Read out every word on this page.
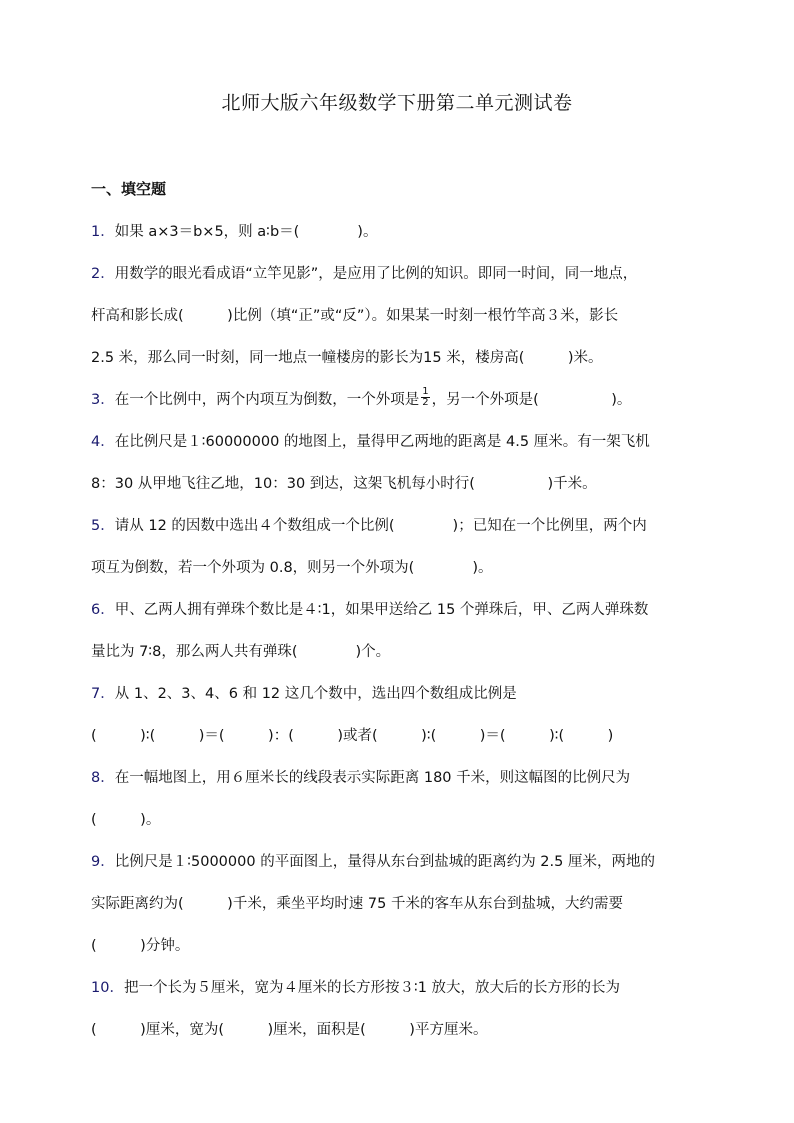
北师大版六年级数学下册第二单元测试卷
一、填空题
1．如果 a×3＝b×5，则 a∶b＝(　　　　)。
2．用数学的眼光看成语“立竿见影”，是应用了比例的知识。即同一时间，同一地点，
杆高和影长成(　　　)比例（填“正”或“反”）。如果某一时刻一根竹竿高３米，影长
2.5 米，那么同一时刻，同一地点一幢楼房的影长为15 米，楼房高(　　　)米。
3．在一个比例中，两个内项互为倒数，一个外项是 $\frac{1}{2}$ ，另一个外项是(　　　　　)。
4．在比例尺是１∶60000000 的地图上，量得甲乙两地的距离是 4.5 厘米。有一架飞机
8：30 从甲地飞往乙地，10：30 到达，这架飞机每小时行(　　　　　)千米。
5．请从 12 的因数中选出４个数组成一个比例(　　　　)；已知在一个比例里，两个内
项互为倒数，若一个外项为 0.8，则另一个外项为(　　　　)。
6．甲、乙两人拥有弹珠个数比是４∶1，如果甲送给乙 15 个弹珠后，甲、乙两人弹珠数
量比为 7∶8，那么两人共有弹珠(　　　　)个。
7．从 1、2、3、4、6 和 12 这几个数中，选出四个数组成比例是
(　　　)∶(　　　)＝(　　　)：(　　　)或者(　　　)∶(　　　)＝(　　　)∶(　　　)
8．在一幅地图上，用６厘米长的线段表示实际距离 180 千米，则这幅图的比例尺为
(　　　)。
9．比例尺是１∶5000000 的平面图上，量得从东台到盐城的距离约为 2.5 厘米，两地的
实际距离约为(　　　)千米，乘坐平均时速 75 千米的客车从东台到盐城，大约需要
(　　　)分钟。
10．把一个长为５厘米，宽为４厘米的长方形按３∶1 放大，放大后的长方形的长为
(　　　)厘米，宽为(　　　)厘米，面积是(　　　)平方厘米。
